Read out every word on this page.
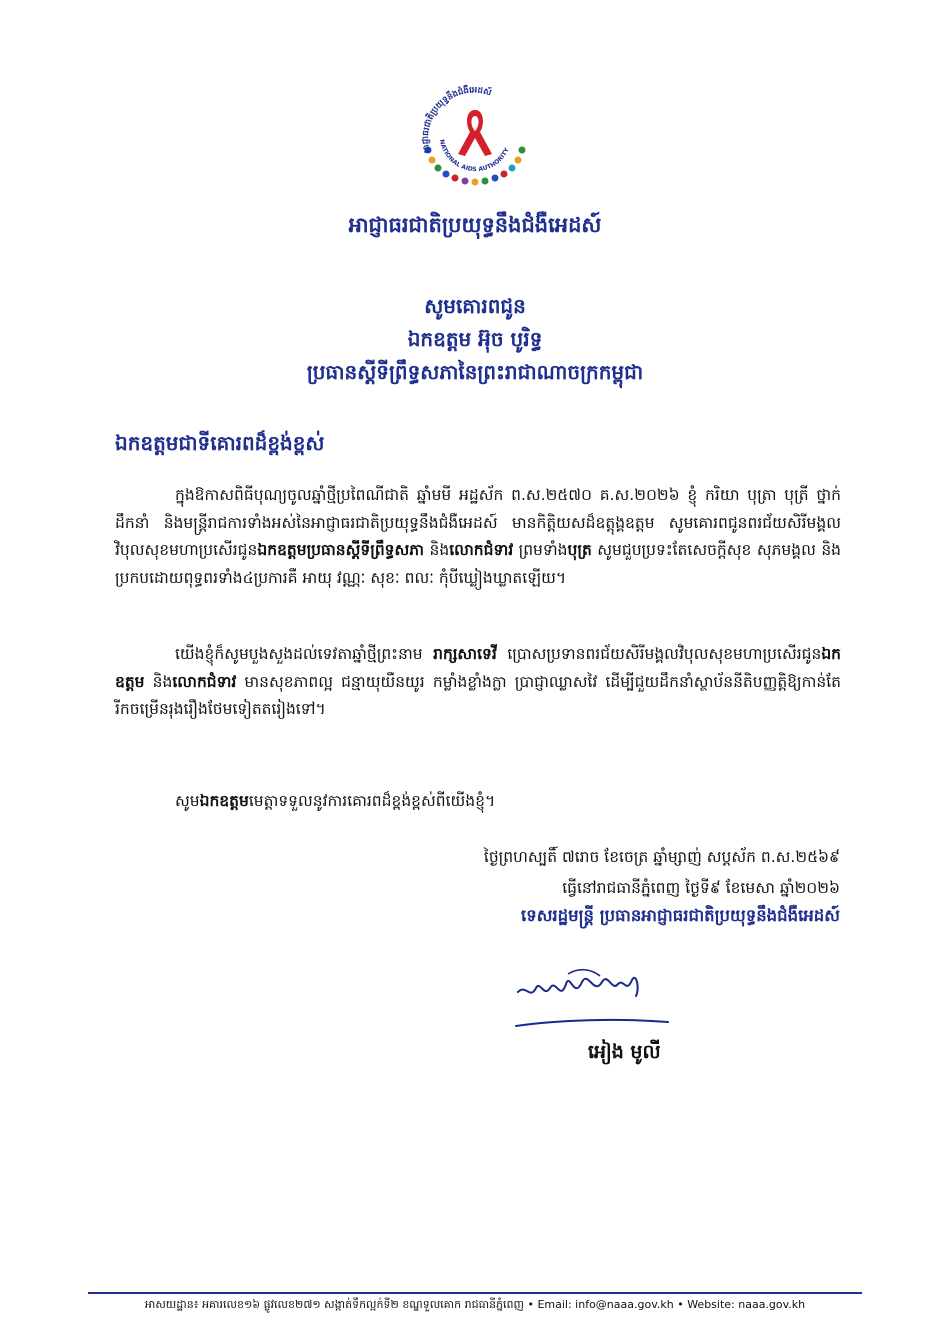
អាជ្ញាធរជាតិប្រយុទ្ធនឹងជំងឺអេដស៍
NATIONAL AIDS AUTHORITY
អាជ្ញាធរជាតិប្រយុទ្ធនឹងជំងឺអេដស៍
សូមគោរពជូន
ឯកឧត្តម អ៊ុច បូរិទ្ធ
ប្រធានស្តីទីព្រឹទ្ធសភានៃព្រះរាជាណាចក្រកម្ពុជា
ឯកឧត្តមជាទីគោរពដ៏ខ្ពង់ខ្ពស់
ក្នុងឱកាសពិធីបុណ្យចូលឆ្នាំថ្មីប្រពៃណីជាតិ ឆ្នាំមមី អដ្ឋស័ក ព.ស.២៥៧០ គ.ស.២០២៦ ខ្ញុំ ករិយា បុត្រា បុត្រី ថ្នាក់ដឹកនាំ និងមន្ត្រីរាជការទាំងអស់នៃអាជ្ញាធរជាតិប្រយុទ្ធនឹងជំងឺអេដស៍ មានកិត្តិយសដ៏ឧត្តុង្គឧត្តម សូមគោរពជូនពរជ័យសិរីមង្គលវិបុលសុខមហាប្រសើរជូនឯកឧត្តមប្រធានស្តីទីព្រឹទ្ធសភា និងលោកជំទាវ ព្រមទាំងបុត្រ សូមជួបប្រទះតែសេចក្តីសុខ សុភមង្គល និងប្រកបដោយពុទ្ធពរទាំង៤ប្រការគឺ អាយុ វណ្ណៈ សុខៈ ពលៈ កុំបីឃ្លៀងឃ្លាតឡើយ។
យើងខ្ញុំក៏សូមបួងសួងដល់ទេវតាឆ្នាំថ្មីព្រះនាម រាក្សសាទេវី ប្រោសប្រទានពរជ័យសិរីមង្គលវិបុលសុខមហាប្រសើរជូនឯកឧត្តម និងលោកជំទាវ មានសុខភាពល្អ ជន្មាយុយឺនយូរ កម្លាំងខ្លាំងក្លា ប្រាជ្ញាឈ្លាសវៃ ដើម្បីជួយដឹកនាំស្ថាប័ននីតិបញ្ញត្តិឱ្យកាន់តែរីកចម្រើនរុងរឿងថែមទៀតតរៀងទៅ។
សូមឯកឧត្តមមេត្តាទទួលនូវការគោរពដ៏ខ្ពង់ខ្ពស់ពីយើងខ្ញុំ។
ថ្ងៃព្រហស្បតិ៍ ៧រោច ខែចេត្រ ឆ្នាំម្សាញ់ សប្តស័ក ព.ស.២៥៦៩
ធ្វើនៅរាជធានីភ្នំពេញ ថ្ងៃទី៩ ខែមេសា ឆ្នាំ២០២៦
ទេសរដ្ឋមន្ត្រី ប្រធានអាជ្ញាធរជាតិប្រយុទ្ធនឹងជំងឺអេដស៍
អៀង មូលី
អាសយដ្ឋាន៖ អគារលេខ១៦ ផ្លូវលេខ២៧១ សង្កាត់ទឹកល្អក់ទី២ ខណ្ឌទួលគោក រាជធានីភ្នំពេញ • Email: info@naaa.gov.kh • Website: naaa.gov.kh
